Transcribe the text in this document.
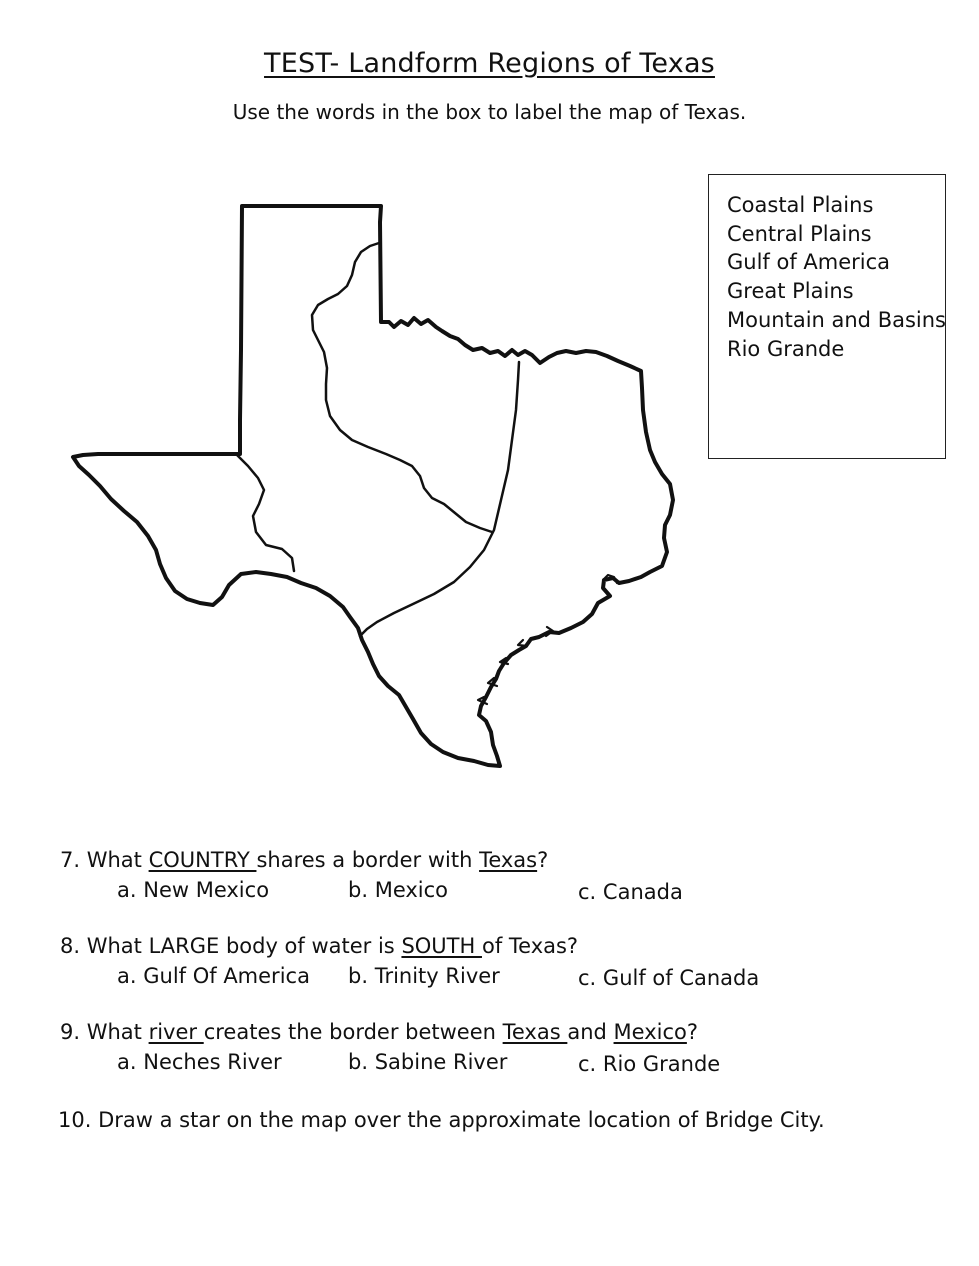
TEST- Landform Regions of Texas
Use the words in the box to label the map of Texas.
Coastal Plains
Central Plains
Gulf of America
Great Plains
Mountain and Basins
Rio Grande
7. What COUNTRY shares a border with Texas?
a. New Mexico	b. Mexico	c. Canada
8. What LARGE body of water is SOUTH of Texas?
a. Gulf Of America b. Trinity River	c. Gulf of Canada
9. What river creates the border between Texas and Mexico?
a. Neches River	b. Sabine River	c. Rio Grande
10. Draw a star on the map over the approximate location of Bridge City.
